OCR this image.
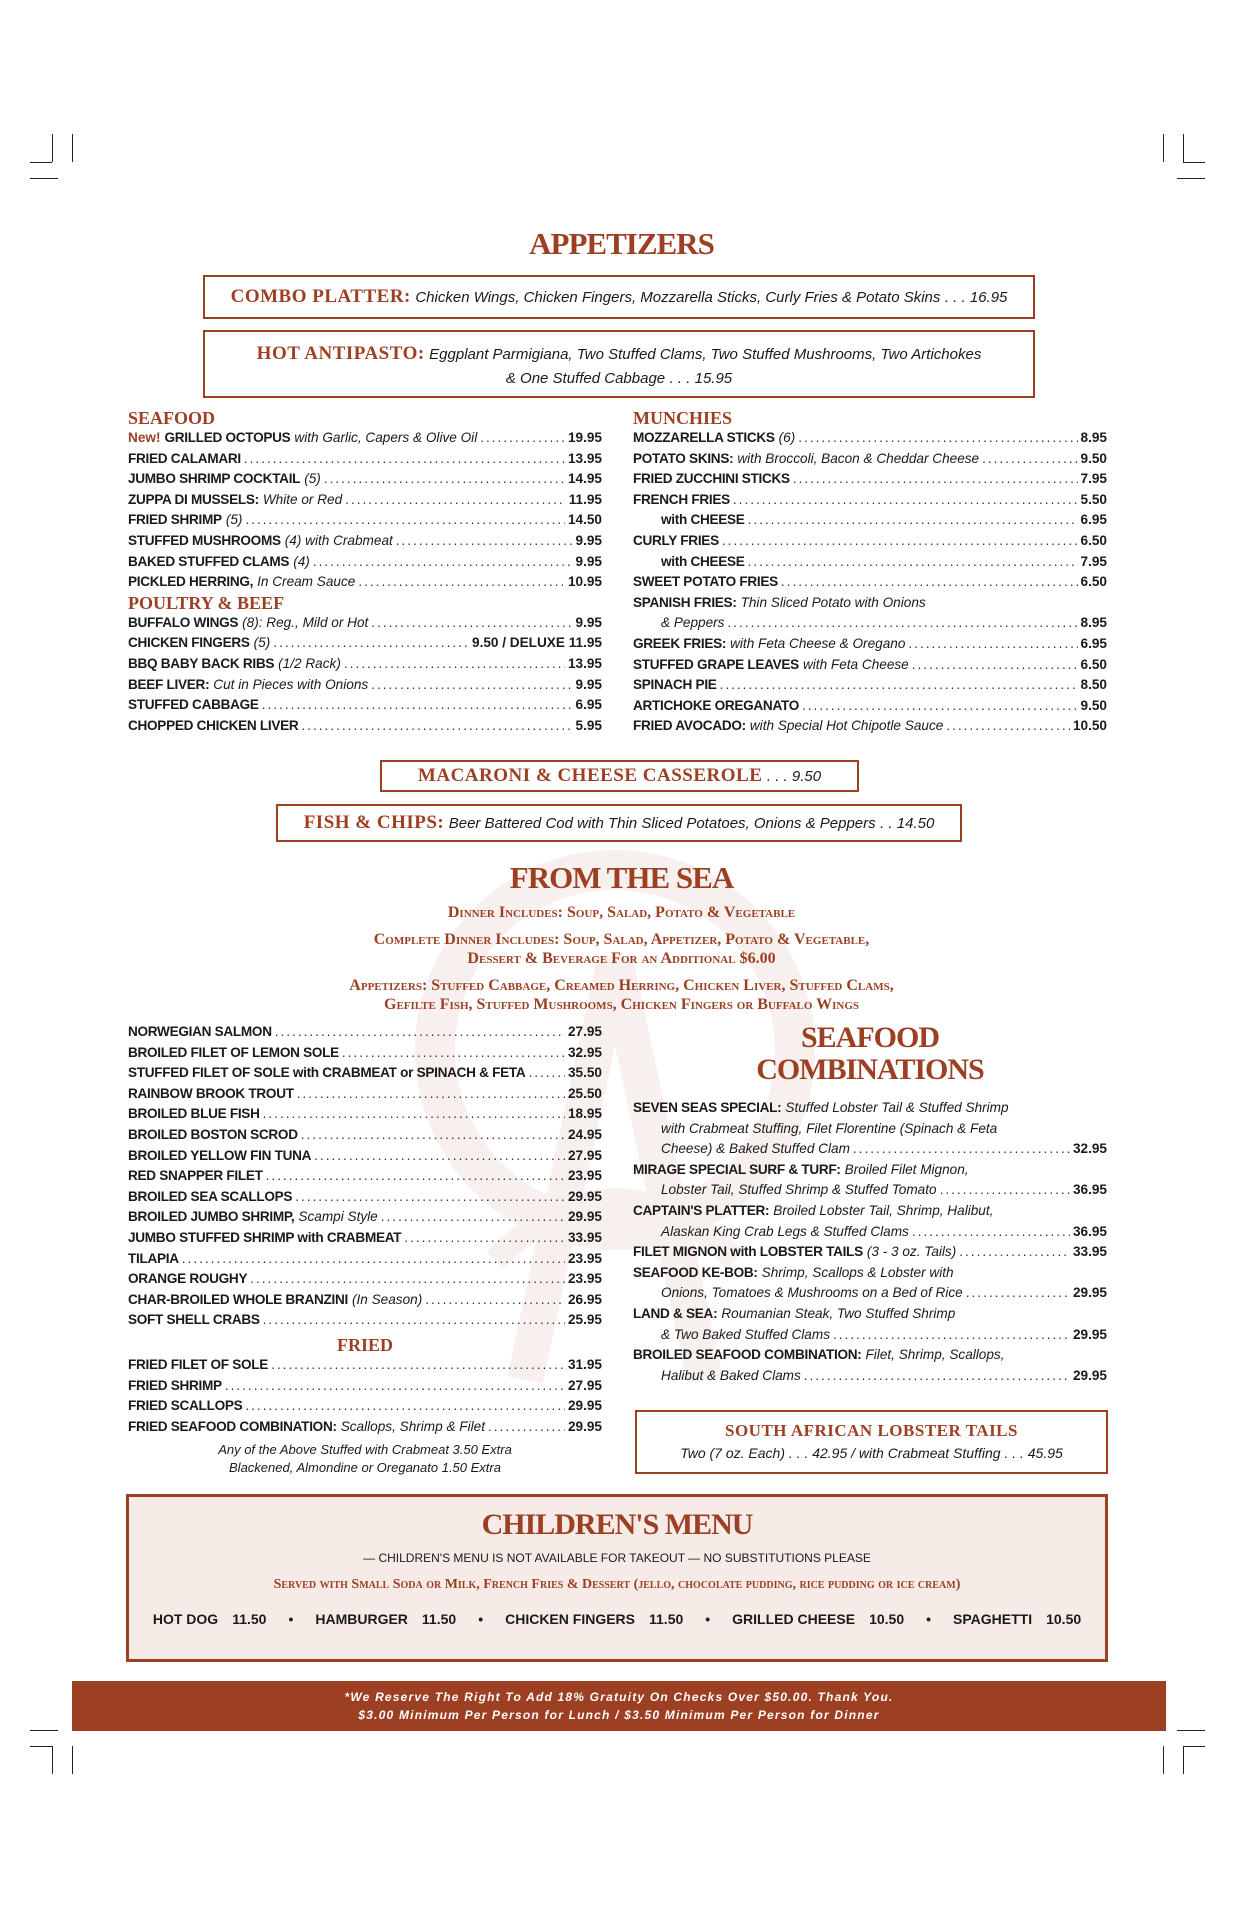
APPETIZERS
COMBO PLATTER: Chicken Wings, Chicken Fingers, Mozzarella Sticks, Curly Fries & Potato Skins . . . 16.95
HOT ANTIPASTO: Eggplant Parmigiana, Two Stuffed Clams, Two Stuffed Mushrooms, Two Artichokes
& One Stuffed Cabbage . . . 15.95
SEAFOOD
New! GRILLED OCTOPUS with Garlic, Capers & Olive Oil .....	19.95
FRIED CALAMARI .....	13.95
JUMBO SHRIMP COCKTAIL (5) .....	14.95
ZUPPA DI MUSSELS: White or Red .....	11.95
FRIED SHRIMP (5) .....	14.50
STUFFED MUSHROOMS (4) with Crabmeat .....	9.95
BAKED STUFFED CLAMS (4) .....	9.95
PICKLED HERRING, In Cream Sauce .....	10.95
POULTRY & BEEF
BUFFALO WINGS (8): Reg., Mild or Hot .....	9.95
CHICKEN FINGERS (5) .....	9.50 / DELUXE 11.95
BBQ BABY BACK RIBS (1/2 Rack) .....	13.95
BEEF LIVER: Cut in Pieces with Onions .....	9.95
STUFFED CABBAGE .....	6.95
CHOPPED CHICKEN LIVER .....	5.95
MUNCHIES
MOZZARELLA STICKS (6) .....	8.95
POTATO SKINS: with Broccoli, Bacon & Cheddar Cheese .....	9.50
FRIED ZUCCHINI STICKS .....	7.95
FRENCH FRIES .....	5.50
with CHEESE .....	6.95
CURLY FRIES .....	6.50
with CHEESE .....	7.95
SWEET POTATO FRIES .....	6.50
SPANISH FRIES: Thin Sliced Potato with Onions
& Peppers .....	8.95
GREEK FRIES: with Feta Cheese & Oregano .....	6.95
STUFFED GRAPE LEAVES with Feta Cheese .....	6.50
SPINACH PIE .....	8.50
ARTICHOKE OREGANATO .....	9.50
FRIED AVOCADO: with Special Hot Chipotle Sauce .....	10.50
MACARONI & CHEESE CASSEROLE . . . 9.50
FISH & CHIPS: Beer Battered Cod with Thin Sliced Potatoes, Onions & Peppers . . 14.50
FROM THE SEA
Dinner Includes: Soup, Salad, Potato & Vegetable
Complete Dinner Includes: Soup, Salad, Appetizer, Potato & Vegetable,
Dessert & Beverage For an Additional $6.00
Appetizers: Stuffed Cabbage, Creamed Herring, Chicken Liver, Stuffed Clams,
Gefilte Fish, Stuffed Mushrooms, Chicken Fingers or Buffalo Wings
NORWEGIAN SALMON .....	27.95
BROILED FILET OF LEMON SOLE .....	32.95
STUFFED FILET OF SOLE with CRABMEAT or SPINACH & FETA .....	35.50
RAINBOW BROOK TROUT .....	25.50
BROILED BLUE FISH .....	18.95
BROILED BOSTON SCROD .....	24.95
BROILED YELLOW FIN TUNA .....	27.95
RED SNAPPER FILET .....	23.95
BROILED SEA SCALLOPS .....	29.95
BROILED JUMBO SHRIMP, Scampi Style .....	29.95
JUMBO STUFFED SHRIMP with CRABMEAT .....	33.95
TILAPIA .....	23.95
ORANGE ROUGHY .....	23.95
CHAR-BROILED WHOLE BRANZINI (In Season) .....	26.95
SOFT SHELL CRABS .....	25.95
FRIED
FRIED FILET OF SOLE .....	31.95
FRIED SHRIMP .....	27.95
FRIED SCALLOPS .....	29.95
FRIED SEAFOOD COMBINATION: Scallops, Shrimp & Filet .....	29.95
Any of the Above Stuffed with Crabmeat 3.50 Extra
Blackened, Almondine or Oreganato 1.50 Extra
SEAFOOD
COMBINATIONS
SEVEN SEAS SPECIAL: Stuffed Lobster Tail & Stuffed Shrimp
with Crabmeat Stuffing, Filet Florentine (Spinach & Feta
Cheese) & Baked Stuffed Clam .....	32.95
MIRAGE SPECIAL SURF & TURF: Broiled Filet Mignon,
Lobster Tail, Stuffed Shrimp & Stuffed Tomato .....	36.95
CAPTAIN'S PLATTER: Broiled Lobster Tail, Shrimp, Halibut,
Alaskan King Crab Legs & Stuffed Clams .....	36.95
FILET MIGNON with LOBSTER TAILS (3 - 3 oz. Tails) .....	33.95
SEAFOOD KE-BOB: Shrimp, Scallops & Lobster with
Onions, Tomatoes & Mushrooms on a Bed of Rice .....	29.95
LAND & SEA: Roumanian Steak, Two Stuffed Shrimp
& Two Baked Stuffed Clams .....	29.95
BROILED SEAFOOD COMBINATION: Filet, Shrimp, Scallops,
Halibut & Baked Clams .....	29.95
SOUTH AFRICAN LOBSTER TAILS
Two (7 oz. Each) . . . 42.95 / with Crabmeat Stuffing . . . 45.95
CHILDREN'S MENU
— CHILDREN'S MENU IS NOT AVAILABLE FOR TAKEOUT — NO SUBSTITUTIONS PLEASE
Served with Small Soda or Milk, French Fries & Dessert (jello, chocolate pudding, rice pudding or ice cream)
HOT DOG 11.50 • HAMBURGER 11.50 • CHICKEN FINGERS 11.50 • GRILLED CHEESE 10.50 • SPAGHETTI 10.50
*We Reserve The Right To Add 18% Gratuity On Checks Over $50.00. Thank You.
$3.00 Minimum Per Person for Lunch / $3.50 Minimum Per Person for Dinner
